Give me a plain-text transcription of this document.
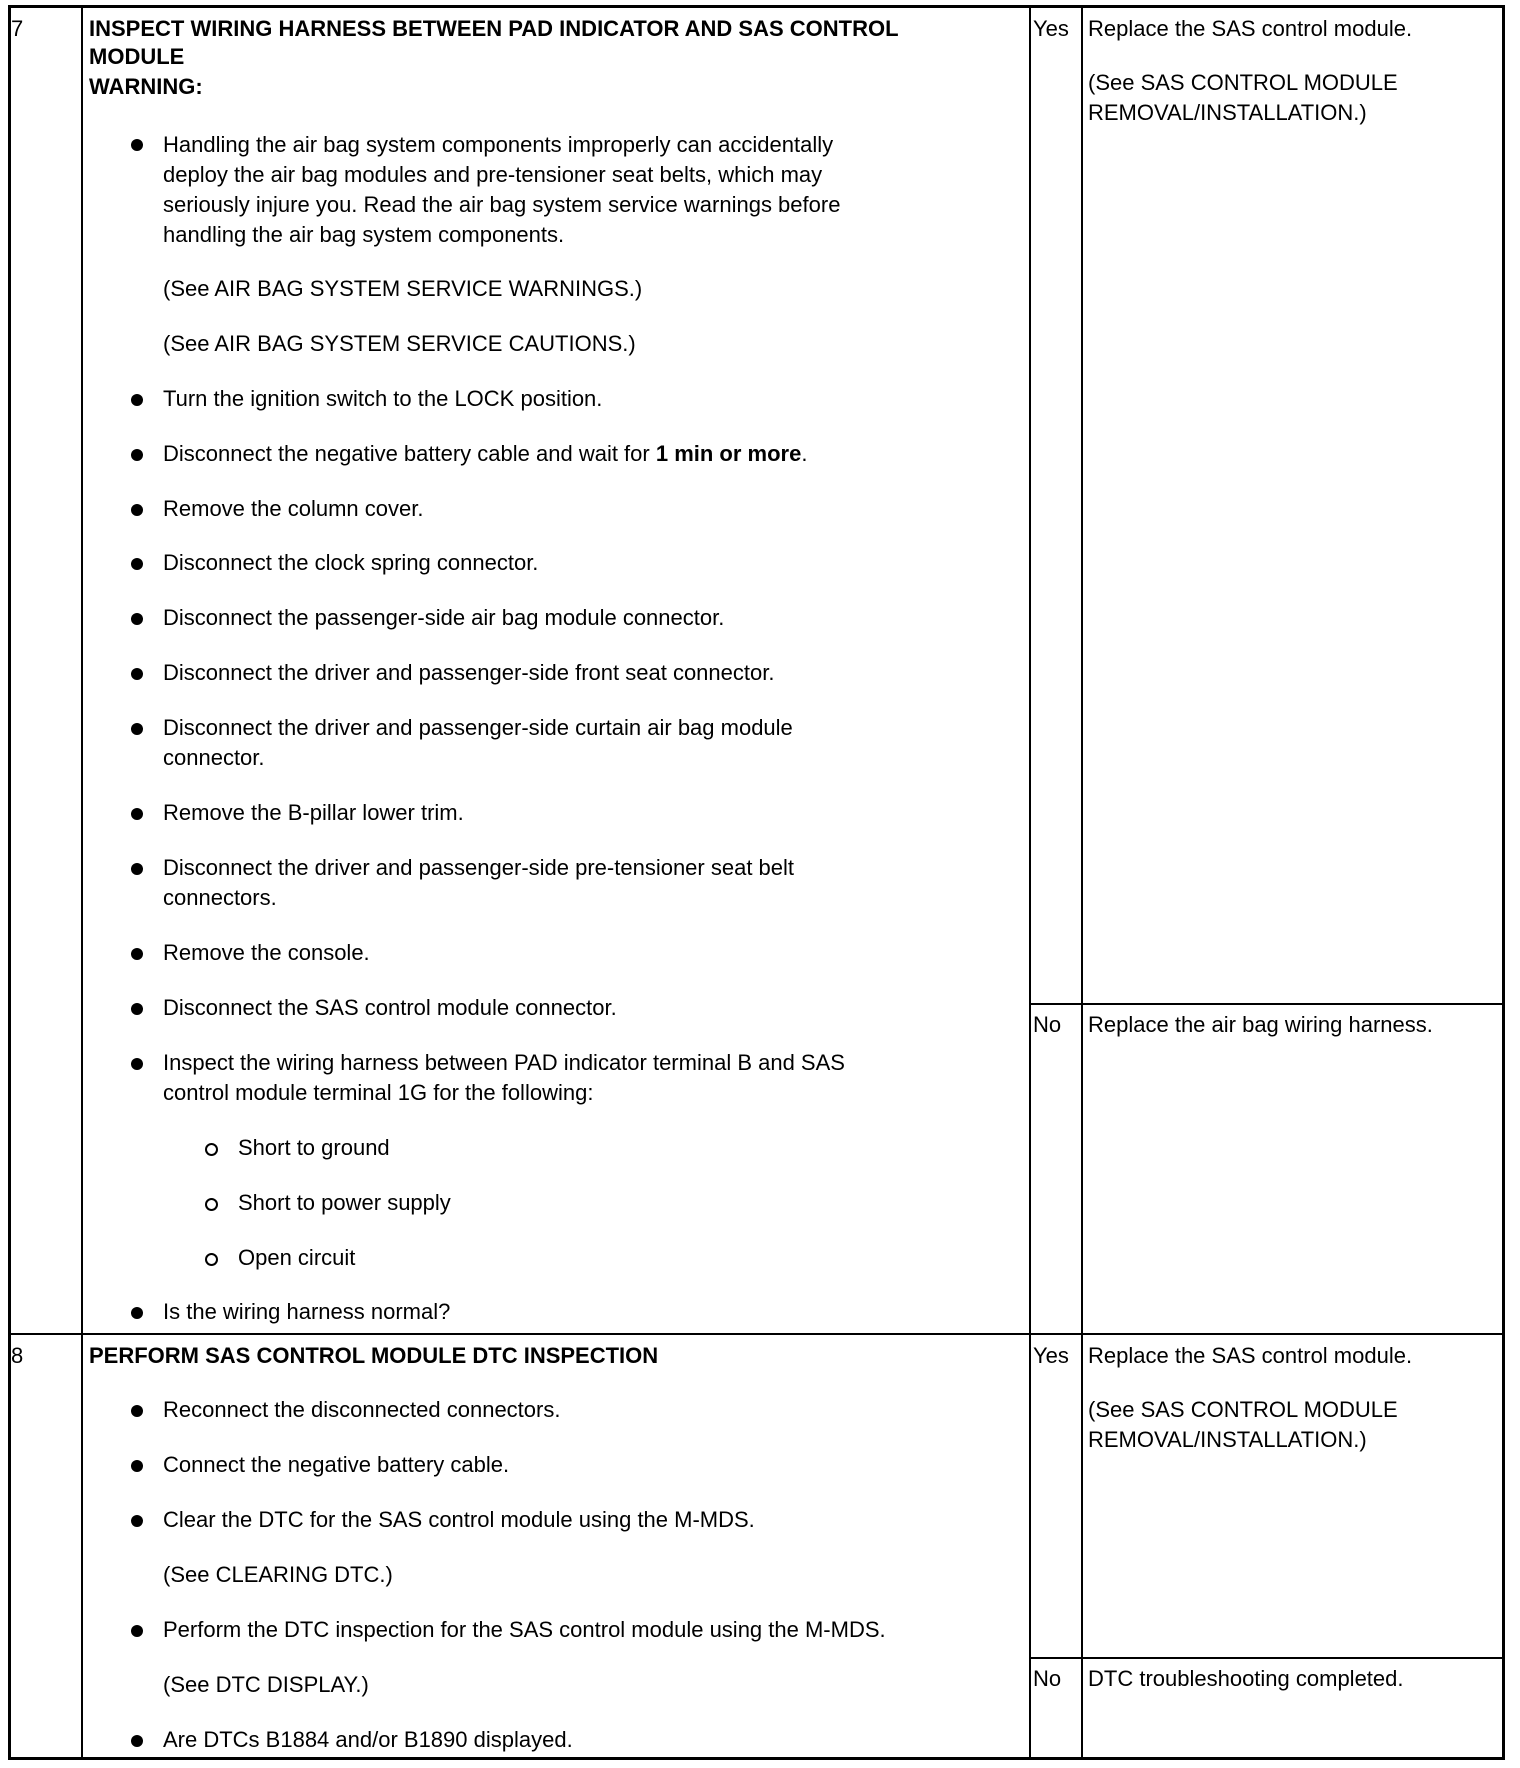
7	INSPECT WIRING HARNESS BETWEEN PAD INDICATOR AND SAS CONTROL
MODULE
WARNING:
Handling the air bag system components improperly can accidentally
deploy the air bag modules and pre-tensioner seat belts, which may
seriously injure you. Read the air bag system service warnings before
handling the air bag system components.
(See AIR BAG SYSTEM SERVICE WARNINGS.)
(See AIR BAG SYSTEM SERVICE CAUTIONS.)
Turn the ignition switch to the LOCK position.
Disconnect the negative battery cable and wait for 1 min or more.
Remove the column cover.
Disconnect the clock spring connector.
Disconnect the passenger-side air bag module connector.
Disconnect the driver and passenger-side front seat connector.
Disconnect the driver and passenger-side curtain air bag module
connector.
Remove the B-pillar lower trim.
Disconnect the driver and passenger-side pre-tensioner seat belt
connectors.
Remove the console.
Disconnect the SAS control module connector.
Inspect the wiring harness between PAD indicator terminal B and SAS
control module terminal 1G for the following:
Short to ground
Short to power supply
Open circuit
Is the wiring harness normal?
Yes Replace the SAS control module.
(See SAS CONTROL MODULE
REMOVAL/INSTALLATION.)
No Replace the air bag wiring harness.
8	PERFORM SAS CONTROL MODULE DTC INSPECTION
Reconnect the disconnected connectors.
Connect the negative battery cable.
Clear the DTC for the SAS control module using the M-MDS.
(See CLEARING DTC.)
Perform the DTC inspection for the SAS control module using the M-MDS.
(See DTC DISPLAY.)
Are DTCs B1884 and/or B1890 displayed.
Yes Replace the SAS control module.
(See SAS CONTROL MODULE
REMOVAL/INSTALLATION.)
No DTC troubleshooting completed.
